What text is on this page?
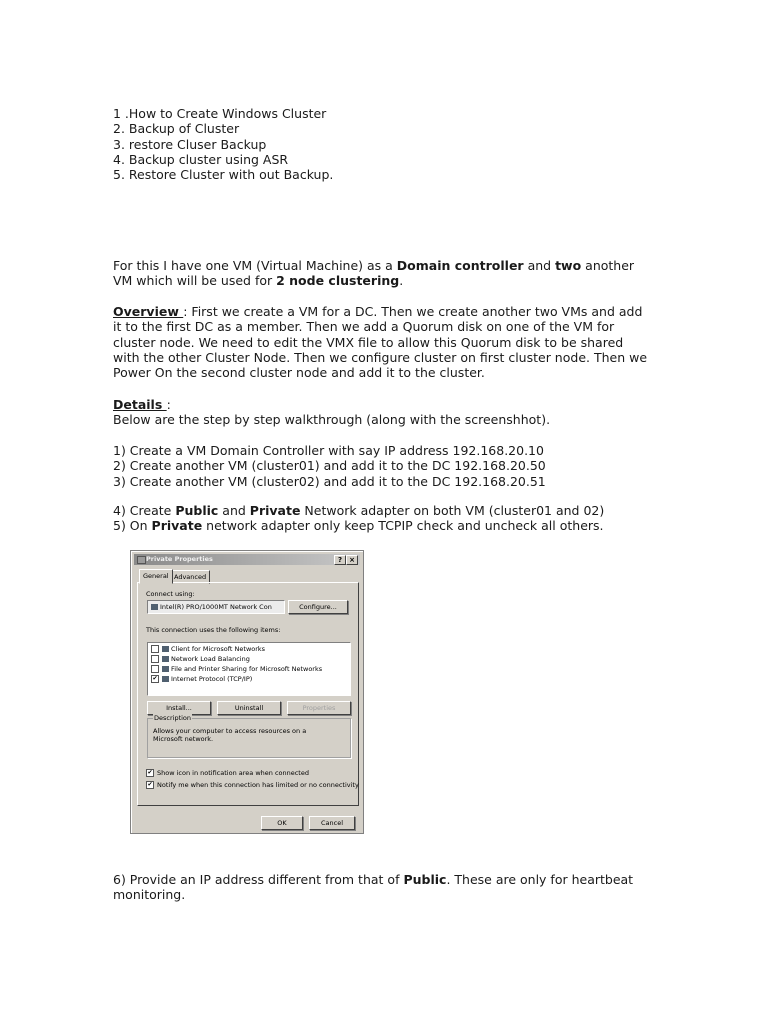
1 .How to Create Windows Cluster
2. Backup of Cluster
3. restore Cluser Backup
4. Backup cluster using ASR
5. Restore Cluster with out Backup.
For this I have one VM (Virtual Machine) as a Domain controller and two another
VM which will be used for 2 node clustering.
Overview : First we create a VM for a DC. Then we create another two VMs and add
it to the first DC as a member. Then we add a Quorum disk on one of the VM for
cluster node. We need to edit the VMX file to allow this Quorum disk to be shared
with the other Cluster Node. Then we configure cluster on first cluster node. Then we
Power On the second cluster node and add it to the cluster.
Details :
Below are the step by step walkthrough (along with the screenshhot).
1) Create a VM Domain Controller with say IP address 192.168.20.10
2) Create another VM (cluster01) and add it to the DC 192.168.20.50
3) Create another VM (cluster02) and add it to the DC 192.168.20.51
4) Create Public and Private Network adapter on both VM (cluster01 and 02)
5) On Private network adapter only keep TCPIP check and uncheck all others.
Private Properties	?	×
General Advanced
Connect using:
Intel(R) PRO/1000MT Network Con	Configure...
This connection uses the following items:
Client for Microsoft Networks
Network Load Balancing
File and Printer Sharing for Microsoft Networks
✔ Internet Protocol (TCP/IP)
Install...	Uninstall	Properties
Description
Allows your computer to access resources on a Microsoft network.
✔ Show icon in notification area when connected
✔ Notify me when this connection has limited or no connectivity
OK	Cancel
6) Provide an IP address different from that of Public. These are only for heartbeat
monitoring.
